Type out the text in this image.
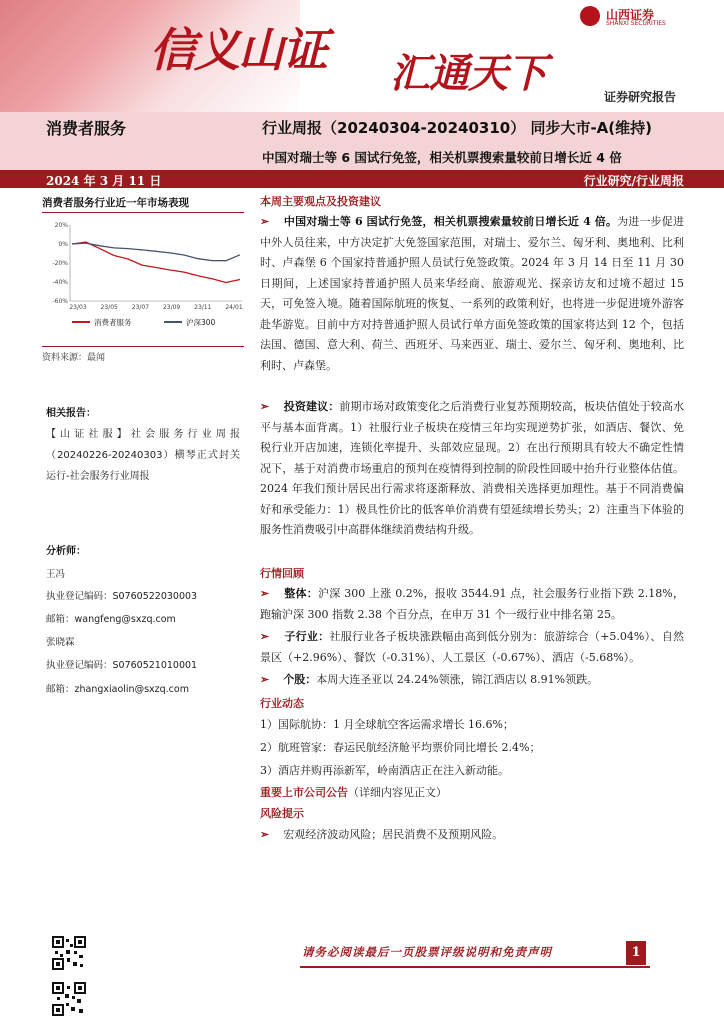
信义山证 汇通天下
山西证券
SHANXI SECURITIES
证券研究报告
消费者服务	行业周报（20240304-20240310） 同步大市-A(维持)
中国对瑞士等 6 国试行免签，相关机票搜索量较前日增长近 4 倍
2024 年 3 月 11 日	行业研究/行业周报
消费者服务行业近一年市场表现
20%
0%
-20%
-40%
-60%
23/03 23/05 23/07 23/09 23/11 24/01
消费者服务	沪深300
资料来源：最闻
相关报告：
【山证社服】社会服务行业周报（20240226-20240303）横琴正式封关运行-社会服务行业周报
分析师：
王冯
执业登记编码：S0760522030003
邮箱：wangfeng@sxzq.com
张晓霖
执业登记编码：S0760521010001
邮箱：zhangxiaolin@sxzq.com
本周主要观点及投资建议
➢ 中国对瑞士等 6 国试行免签，相关机票搜索量较前日增长近 4 倍。为进一步促进中外人员往来，中方决定扩大免签国家范围，对瑞士、爱尔兰、匈牙利、奥地利、比利时、卢森堡 6 个国家持普通护照人员试行免签政策。2024 年 3 月 14 日至 11 月 30 日期间，上述国家持普通护照人员来华经商、旅游观光、探亲访友和过境不超过 15 天，可免签入境。随着国际航班的恢复、一系列的政策利好，也将进一步促进境外游客赴华游览。目前中方对持普通护照人员试行单方面免签政策的国家将达到 12 个，包括法国、德国、意大利、荷兰、西班牙、马来西亚、瑞士、爱尔兰、匈牙利、奥地利、比利时、卢森堡。
➢ 投资建议：前期市场对政策变化之后消费行业复苏预期较高，板块估值处于较高水平与基本面背离。1）社服行业子板块在疫情三年均实现逆势扩张，如酒店、餐饮、免税行业开店加速，连锁化率提升、头部效应显现。2）在出行预期具有较大不确定性情况下，基于对消费市场重启的预判在疫情得到控制的阶段性回暖中抬升行业整体估值。2024 年我们预计居民出行需求将逐渐释放、消费相关选择更加理性。基于不同消费偏好和承受能力：1）极具性价比的低客单价消费有望延续增长势头；2）注重当下体验的服务性消费吸引中高群体继续消费结构升级。
行情回顾
➢ 整体：沪深 300 上涨 0.2%，报收 3544.91 点，社会服务行业指下跌 2.18%，跑输沪深 300 指数 2.38 个百分点，在申万 31 个一级行业中排名第 25。
➢ 子行业：社服行业各子板块涨跌幅由高到低分别为：旅游综合（+5.04%）、自然景区（+2.96%）、餐饮（-0.31%）、人工景区（-0.67%）、酒店（-5.68%）。
➢ 个股：本周大连圣亚以 24.24%领涨，锦江酒店以 8.91%领跌。
行业动态
1）国际航协：1 月全球航空客运需求增长 16.6%；
2）航班管家：春运民航经济舱平均票价同比增长 2.4%；
3）酒店并购再添新军，岭南酒店正在注入新动能。
重要上市公司公告（详细内容见正文）
风险提示
➢ 宏观经济波动风险；居民消费不及预期风险。
请务必阅读最后一页股票评级说明和免责声明	1
